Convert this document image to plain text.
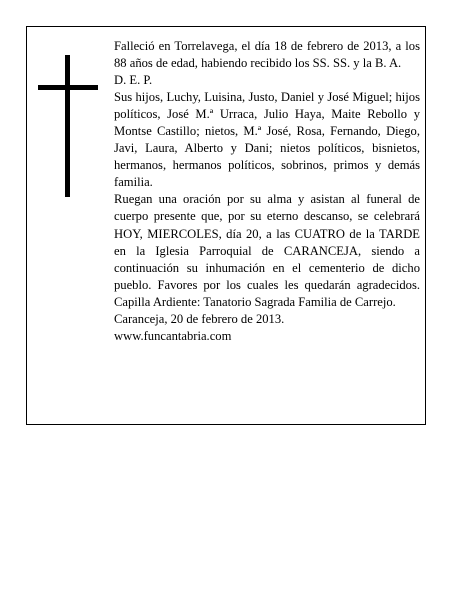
Falleció en Torrelavega, el día 18 de febrero de 2013, a los 88 años de edad, habiendo recibido los SS. SS. y la B. A.

D. E. P.

Sus hijos, Luchy, Luisina, Justo, Daniel y José Miguel; hijos políticos, José M.ª Urraca, Julio Haya, Maite Rebollo y Montse Castillo; nietos, M.ª José, Rosa, Fernando, Diego, Javi, Laura, Alberto y Dani; nietos políticos, bisnietos, hermanos, hermanos políticos, sobrinos, primos y demás familia.

Ruegan una oración por su alma y asistan al funeral de cuerpo presente que, por su eterno descanso, se celebrará HOY, MIERCOLES, día 20, a las CUATRO de la TARDE en la Iglesia Parroquial de CARANCEJA, siendo a continuación su inhumación en el cementerio de dicho pueblo. Favores por los cuales les quedarán agradecidos. Capilla Ardiente: Tanatorio Sagrada Familia de Carrejo.

Caranceja, 20 de febrero de 2013.

www.funcantabria.com
